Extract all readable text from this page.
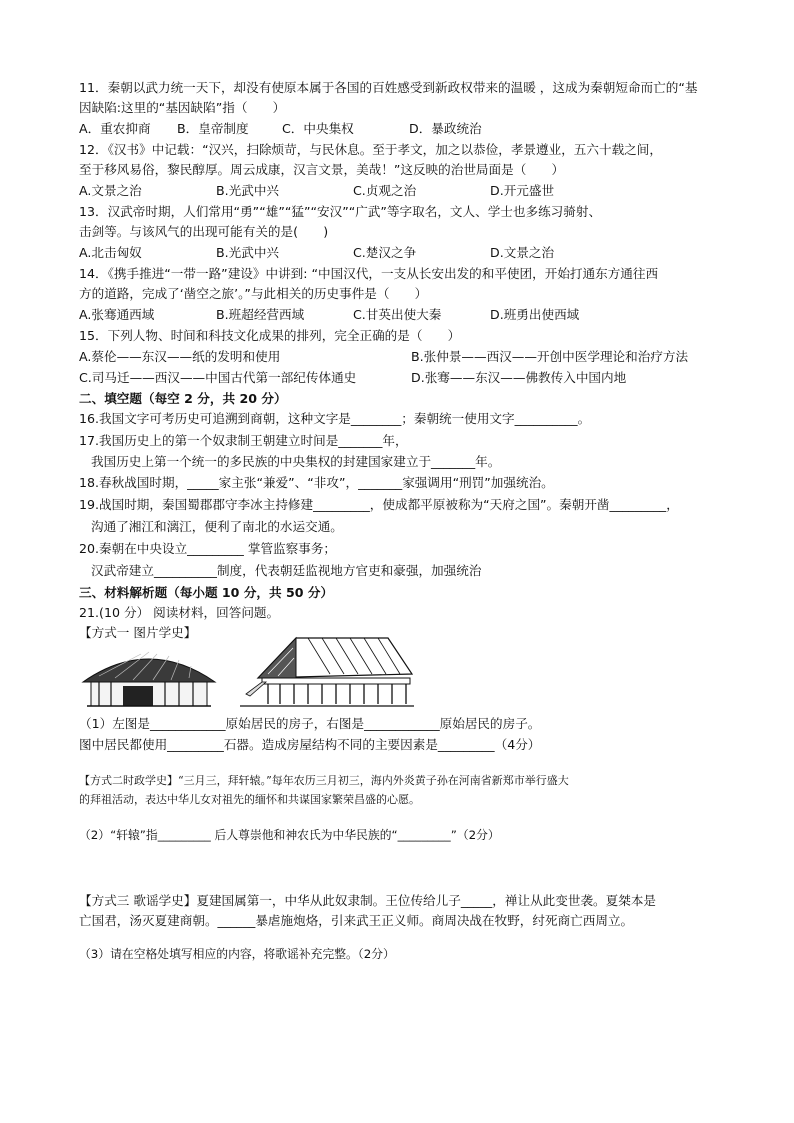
11．秦朝以武力统一天下，却没有使原本属于各国的百姓感受到新政权带来的温暖 ，这成为秦朝短命而亡的“基
因缺陷:这里的“基因缺陷”指（　　）
A．重农抑商 B．皇帝制度	C．中央集权	D．暴政统治
12．《汉书》中记载：“汉兴，扫除烦苛，与民休息。至于孝文，加之以恭俭，孝景遵业，五六十载之间，
至于移风易俗，黎民醇厚。周云成康，汉言文景，美哉！”这反映的治世局面是（　　）
A.文景之治	B.光武中兴	C.贞观之治	D.开元盛世
13．汉武帝时期，人们常用“勇”“雄”“猛”“安汉”“广武”等字取名，文人、学士也多练习骑射、
击剑等。与该风气的出现可能有关的是(　　)
A.北击匈奴	B.光武中兴	C.楚汉之争	D.文景之治
14．《携手推进“一带一路”建设》中讲到: “中国汉代，一支从长安出发的和平使团，开始打通东方通往西
方的道路，完成了‘凿空之旅’。”与此相关的历史事件是（　　）
A.张骞通西域	B.班超经营西域	C.甘英出使大秦	D.班勇出使西域
15．下列人物、时间和科技文化成果的排列，完全正确的是（　　）
A.蔡伦——东汉——纸的发明和使用	B.张仲景——西汉——开创中医学理论和治疗方法
C.司马迁——西汉——中国古代第一部纪传体通史	D.张骞——东汉——佛教传入中国内地
二、填空题（每空 2 分，共 20 分）
16.我国文字可考历史可追溯到商朝，这种文字是________；秦朝统一使用文字__________。
17.我国历史上的第一个奴隶制王朝建立时间是_______年，
我国历史上第一个统一的多民族的中央集权的封建国家建立于_______年。
18.春秋战国时期，_____家主张“兼爱”、“非攻”，_______家强调用“刑罚”加强统治。
19.战国时期，秦国蜀郡郡守李冰主持修建_________，使成都平原被称为“天府之国”。秦朝开凿_________，
沟通了湘江和漓江，便利了南北的水运交通。
20.秦朝在中央设立_________ 掌管监察事务；
汉武帝建立__________制度，代表朝廷监视地方官吏和豪强，加强统治
三、材料解析题（每小题 10 分，共 50 分）
21.(10 分） 阅读材料，回答问题。
【方式一 图片学史】
（1）左图是____________原始居民的房子，右图是____________原始居民的房子。
图中居民都使用_________石器。造成房屋结构不同的主要因素是_________（4分）
【方式二时政学史】“三月三，拜轩辕。”每年农历三月初三，海内外炎黄子孙在河南省新郑市举行盛大
的拜祖活动，表达中华儿女对祖先的缅怀和共谋国家繁荣昌盛的心愿。
（2）“轩辕”指_________ 后人尊崇他和神农氏为中华民族的“_________”（2分）
【方式三 歌谣学史】夏建国属第一，中华从此奴隶制。王位传给儿子_____，禅让从此变世袭。夏桀本是
亡国君，汤灭夏建商朝。______暴虐施炮烙，引来武王正义师。商周决战在牧野，纣死商亡西周立。
（3）请在空格处填写相应的内容，将歌谣补充完整。（2分）
